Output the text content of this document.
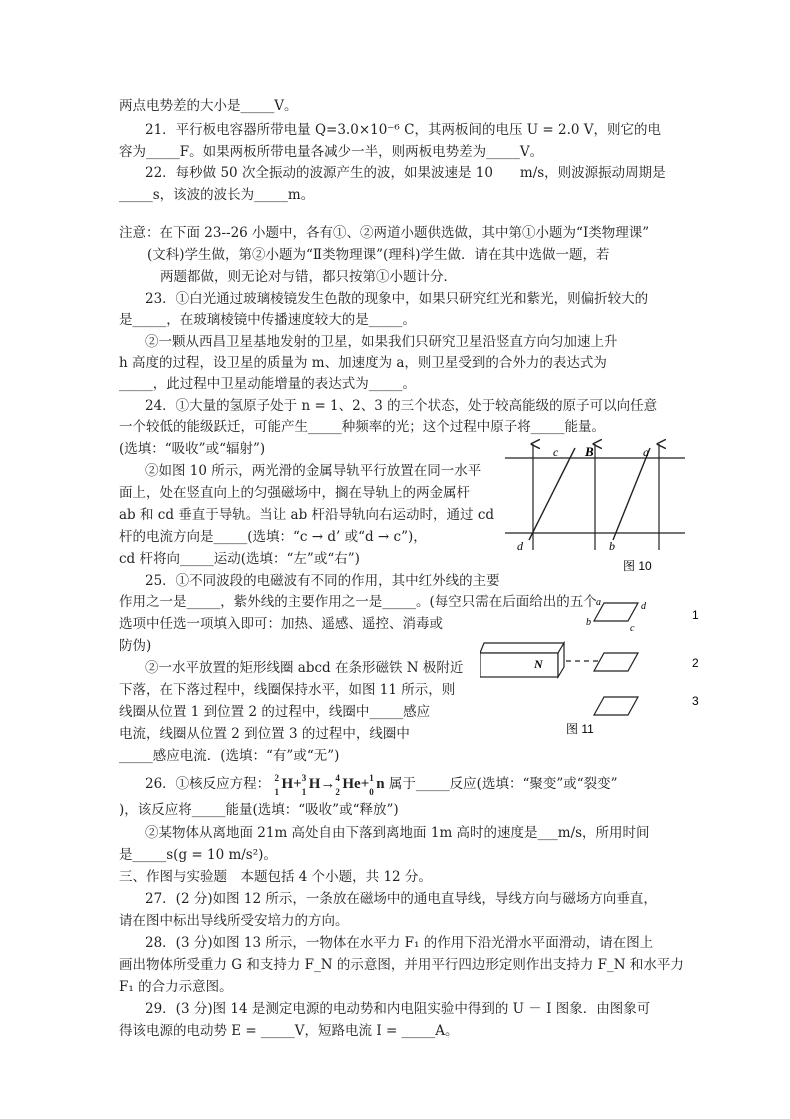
两点电势差的大小是_____V。
21．平行板电容器所带电量 Q=3.0×10⁻⁶ C，其两板间的电压 U = 2.0 V，则它的电
容为_____F。如果两板所带电量各减少一半，则两板电势差为_____V。
22．每秒做 50 次全振动的波源产生的波，如果波速是 10　　m/s，则波源振动周期是
_____s，该波的波长为_____m。
注意：在下面 23--26 小题中，各有①、②两道小题供选做，其中第①小题为“Ⅰ类物理课”
(文科)学生做，第②小题为“Ⅱ类物理课”(理科)学生做．请在其中选做一题，若
两题都做，则无论对与错，都只按第①小题计分．
23．①白光通过玻璃棱镜发生色散的现象中，如果只研究红光和紫光，则偏折较大的
是_____，在玻璃棱镜中传播速度较大的是_____。
②一颗从西昌卫星基地发射的卫星，如果我们只研究卫星沿竖直方向匀加速上升
h 高度的过程，设卫星的质量为 m、加速度为 a，则卫星受到的合外力的表达式为
_____，此过程中卫星动能增量的表达式为_____。
24．①大量的氢原子处于 n = 1、2、3 的三个状态，处于较高能级的原子可以向任意
一个较低的能级跃迁，可能产生_____种频率的光；这个过程中原子将_____能量。
(选填：“吸收”或“辐射”)
②如图 10 所示，两光滑的金属导轨平行放置在同一水平
面上，处在竖直向上的匀强磁场中，搁在导轨上的两金属杆
ab 和 cd 垂直于导轨。当让 ab 杆沿导轨向右运动时，通过 cd
杆的电流方向是_____(选填：“c → d’ 或“d → c”)，
cd 杆将向_____运动(选填：“左”或“右”)
25．①不同波段的电磁波有不同的作用，其中红外线的主要
作用之一是_____，紫外线的主要作用之一是_____。(每空只需在后面给出的五个
选项中任选一项填入即可：加热、遥感、遥控、消毒或
防伪)
②一水平放置的矩形线圈 abcd 在条形磁铁 N 极附近
下落，在下落过程中，线圈保持水平，如图 11 所示，则
线圈从位置 1 到位置 2 的过程中，线圈中_____感应
电流，线圈从位置 2 到位置 3 的过程中，线圈中
_____感应电流．(选填：“有”或“无”)
26．①核反应方程： 2
1 H+ 3
1 H→ 4
2 He+ 1
0 n 属于_____反应(选填：“聚变”或“裂变”
)，该反应将_____能量(选填：“吸收”或“释放”)
②某物体从离地面 21m 高处自由下落到离地面 1m 高时的速度是___m/s，所用时间
是_____s(g = 10 m/s²)。
三、作图与实验题　本题包括 4 个小题，共 12 分。
27．(2 分)如图 12 所示，一条放在磁场中的通电直导线，导线方向与磁场方向垂直，
请在图中标出导线所受安培力的方向。
28．(3 分)如图 13 所示，一物体在水平力 F₁ 的作用下沿光滑水平面滑动，请在图上
画出物体所受重力 G 和支持力 F_N 的示意图，并用平行四边形定则作出支持力 F_N 和水平力
F₁ 的合力示意图。
29．(3 分)图 14 是测定电源的电动势和内电阻实验中得到的 U － I 图象．由图象可
得该电源的电动势 E = _____V，短路电流 I = _____A。
c B	a
d	b
图 10
a	d
b
c
1
N	2
3
图 11
